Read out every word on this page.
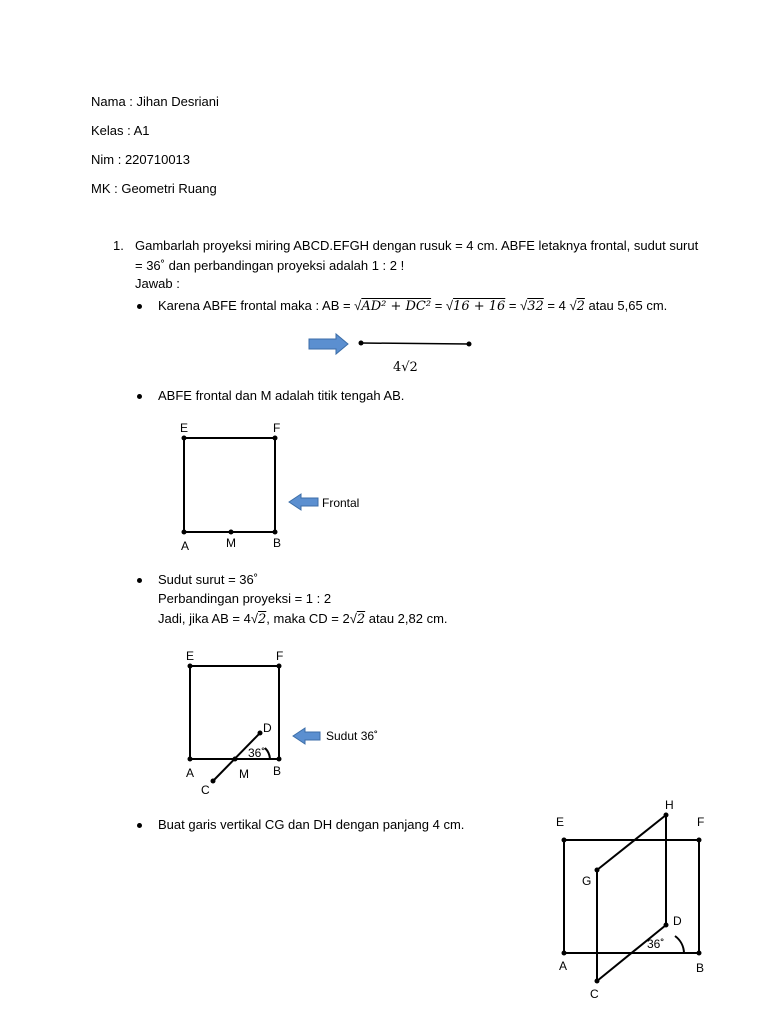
Nama : Jihan Desriani
Kelas : A1
Nim : 220710013
MK : Geometri Ruang
1. Gambarlah proyeksi miring ABCD.EFGH dengan rusuk = 4 cm. ABFE letaknya frontal, sudut surut
= 36˚ dan perbandingan proyeksi adalah 1 : 2 !
Jawab :
Karena ABFE frontal maka : AB = √AD² + DC² = √16 + 16 = √32 = 4 √2 atau 5,65 cm.
ABFE frontal dan M adalah titik tengah AB.
Sudut surut = 36˚
Perbandingan proyeksi = 1 : 2
Jadi, jika AB = 4√2, maka CD = 2√2 atau 2,82 cm.
Buat garis vertikal CG dan DH dengan panjang 4 cm.
4√2
E	F
A	M	B
Frontal
E	F
A	M B
C
D
36˚
Sudut 36˚
E	F
H
G
D
A	B
C
36˚
